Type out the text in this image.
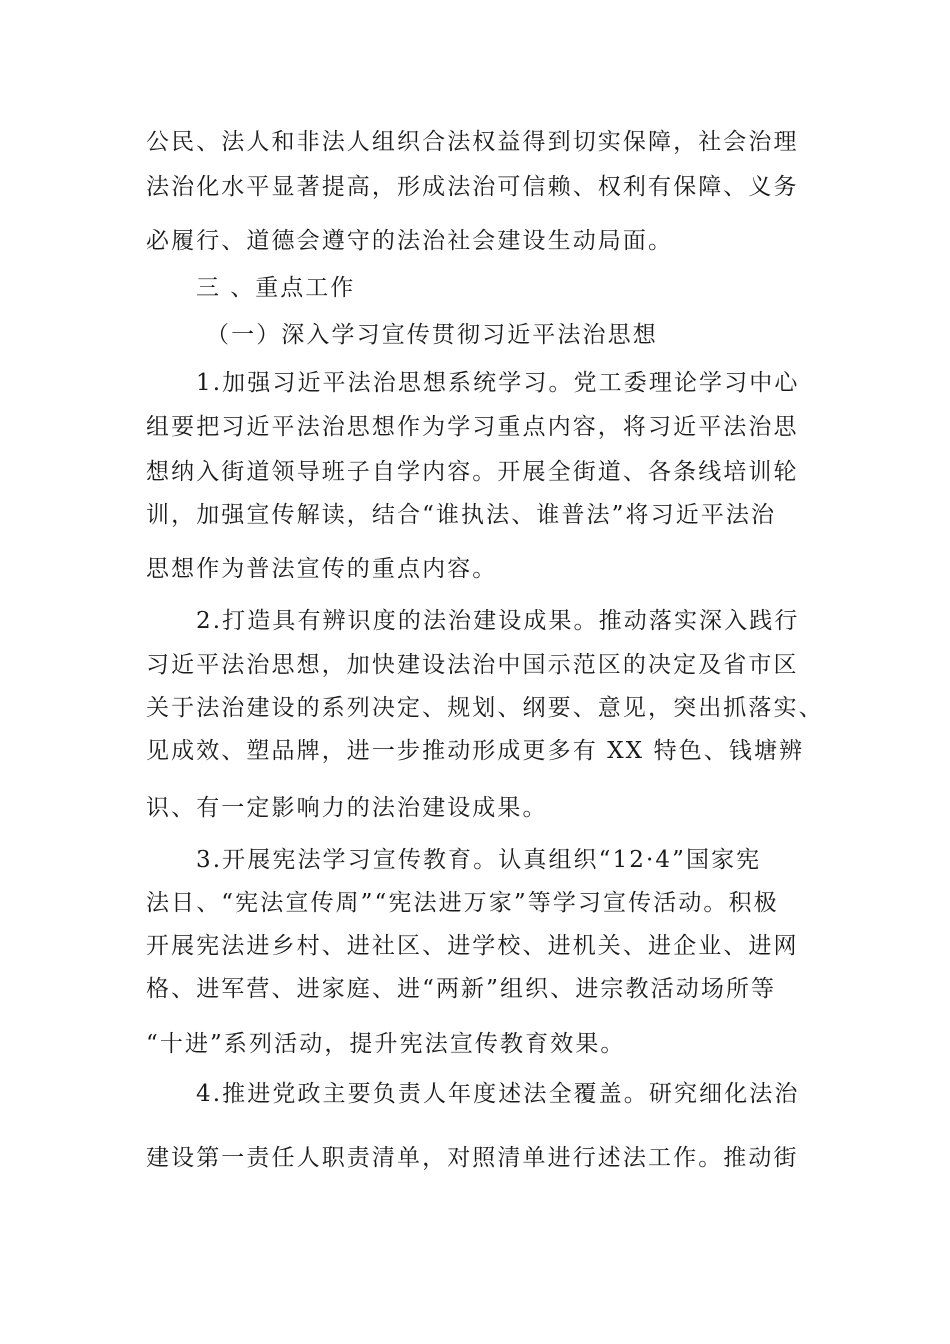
公民、法人和非法人组织合法权益得到切实保障，社会治理
法治化水平显著提高，形成法治可信赖、权利有保障、义务
必履行、道德会遵守的法治社会建设生动局面。
三 、重点工作
（一）深入学习宣传贯彻习近平法治思想
1.加强习近平法治思想系统学习。党工委理论学习中心
组要把习近平法治思想作为学习重点内容，将习近平法治思
想纳入街道领导班子自学内容。开展全街道、各条线培训轮
训，加强宣传解读，结合“谁执法、谁普法”将习近平法治
思想作为普法宣传的重点内容。
2.打造具有辨识度的法治建设成果。推动落实深入践行
习近平法治思想，加快建设法治中国示范区的决定及省市区
关于法治建设的系列决定、规划、纲要、意见，突出抓落实、
见成效、塑品牌，进一步推动形成更多有 XX 特色、钱塘辨
识、有一定影响力的法治建设成果。
3.开展宪法学习宣传教育。认真组织“12·4”国家宪
法日、“宪法宣传周”“宪法进万家”等学习宣传活动。积极
开展宪法进乡村、进社区、进学校、进机关、进企业、进网
格、进军营、进家庭、进“两新”组织、进宗教活动场所等
“十进”系列活动，提升宪法宣传教育效果。
4.推进党政主要负责人年度述法全覆盖。研究细化法治
建设第一责任人职责清单，对照清单进行述法工作。推动街
